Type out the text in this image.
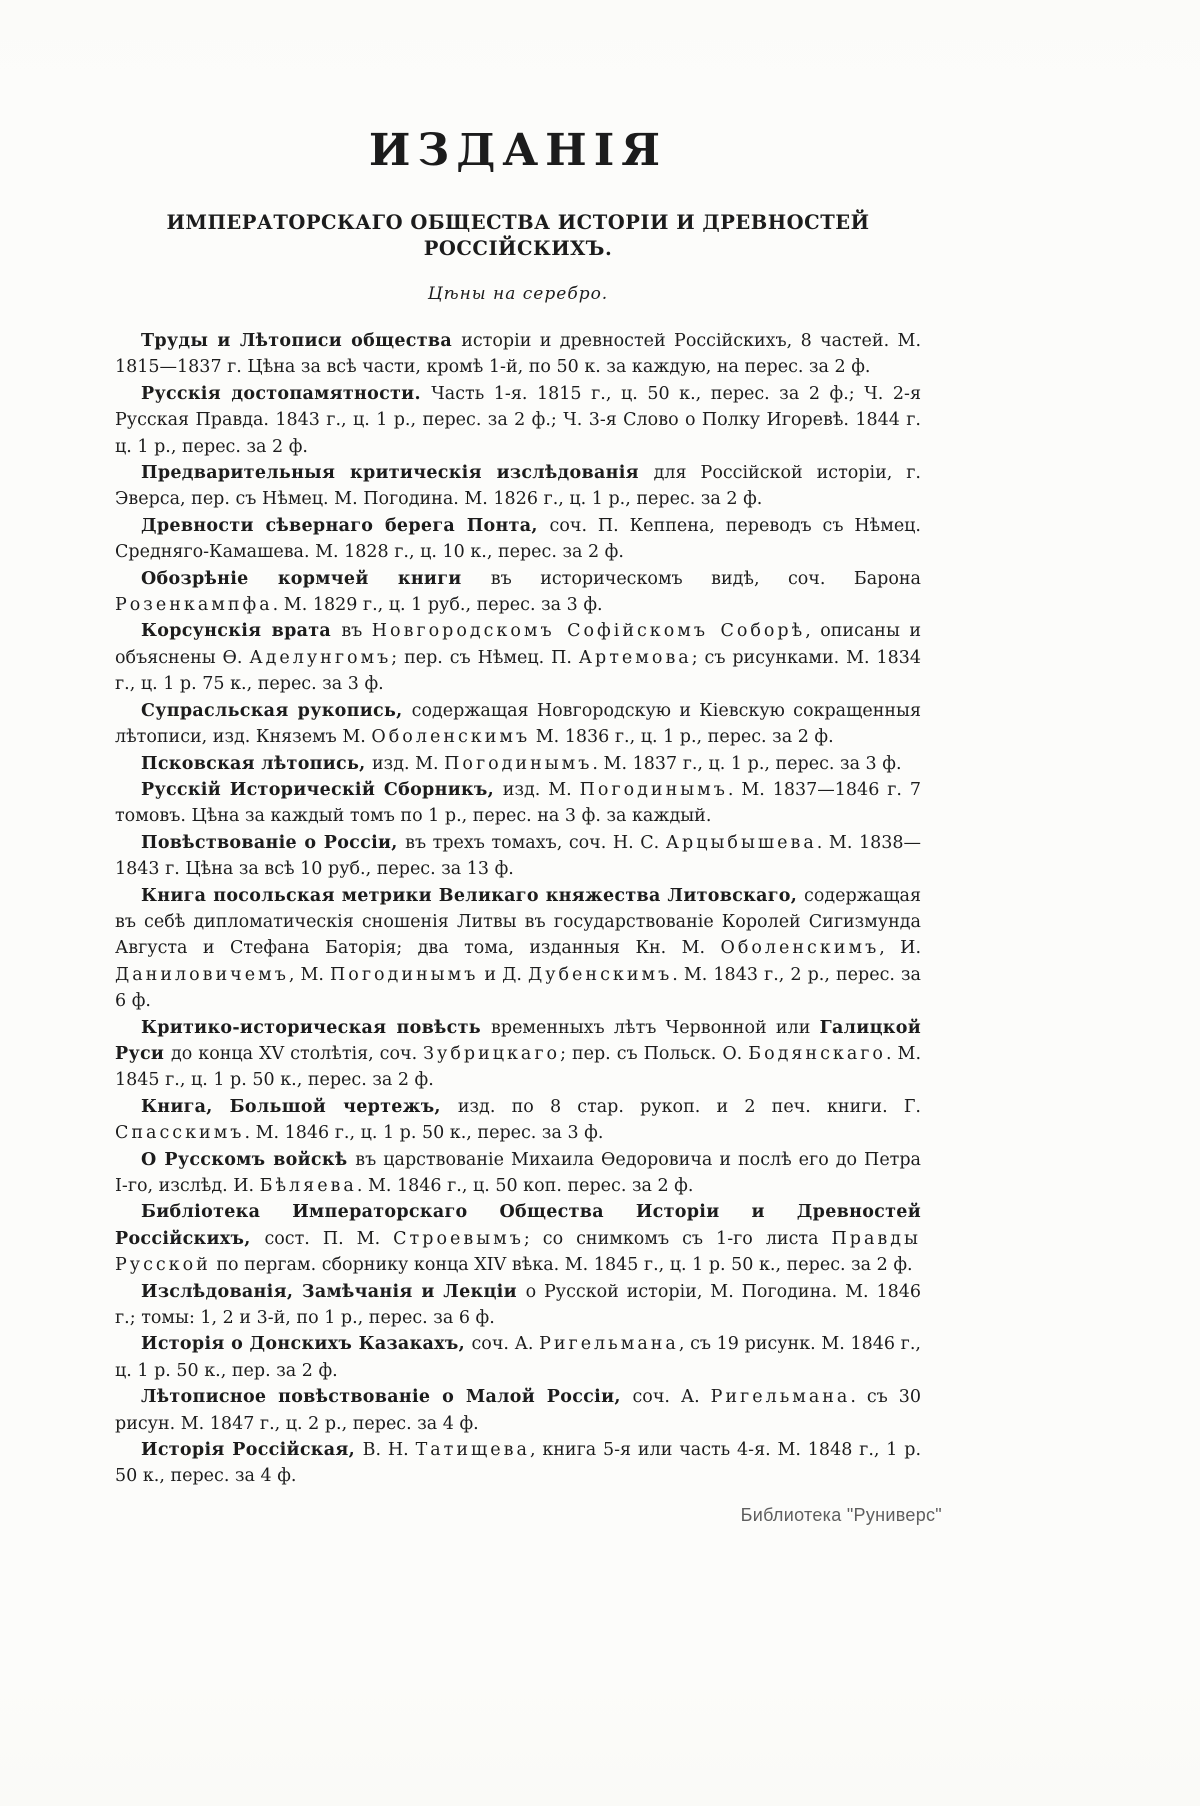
ИЗДАНІЯ
ИМПЕРАТОРСКАГО ОБЩЕСТВА ИСТОРІИ И ДРЕВНОСТЕЙ РОССІЙСКИХЪ.
Цѣны на серебро.

Труды и Лѣтописи общества исторіи и древностей Россійскихъ, 8 частей. М. 1815—1837 г. Цѣна за всѣ части, кромѣ 1-й, по 50 к. за каждую, на перес. за 2 ф.

Русскія достопамятности. Часть 1-я. 1815 г., ц. 50 к., перес. за 2 ф.; Ч. 2-я Русская Правда. 1843 г., ц. 1 р., перес. за 2 ф.; Ч. 3-я Слово о Полку Игоревѣ. 1844 г. ц. 1 р., перес. за 2 ф.

Предварительныя критическія изслѣдованія для Россійской исторіи, г. Эверса, пер. съ Нѣмец. М. Погодина. М. 1826 г., ц. 1 р., перес. за 2 ф.

Древности сѣвернаго берега Понта, соч. П. Кеппена, переводъ съ Нѣмец. Средняго-Камашева. М. 1828 г., ц. 10 к., перес. за 2 ф.

Обозрѣніе кормчей книги въ историческомъ видѣ, соч. Барона Розенкампфа. М. 1829 г., ц. 1 руб., перес. за 3 ф.

Корсунскія врата въ Новгородскомъ Софійскомъ Соборѣ, описаны и объяснены Ѳ. Аделунгомъ; пер. съ Нѣмец. П. Артемова; съ рисунками. М. 1834 г., ц. 1 р. 75 к., перес. за 3 ф.

Супрасльская рукопись, содержащая Новгородскую и Кіевскую сокращенныя лѣтописи, изд. Княземъ М. Оболенскимъ М. 1836 г., ц. 1 р., перес. за 2 ф.

Псковская лѣтопись, изд. М. Погодинымъ. М. 1837 г., ц. 1 р., перес. за 3 ф.

Русскій Историческій Сборникъ, изд. М. Погодинымъ. М. 1837—1846 г. 7 томовъ. Цѣна за каждый томъ по 1 р., перес. на 3 ф. за каждый.

Повѣствованіе о Россіи, въ трехъ томахъ, соч. Н. С. Арцыбышева. М. 1838—1843 г. Цѣна за всѣ 10 руб., перес. за 13 ф.

Книга посольская метрики Великаго княжества Литовскаго, содержащая въ себѣ дипломатическія сношенія Литвы въ государствованіе Королей Сигизмунда Августа и Стефана Баторія; два тома, изданныя Кн. М. Оболенскимъ, И. Даниловичемъ, М. Погодинымъ и Д. Дубенскимъ. М. 1843 г., 2 р., перес. за 6 ф.

Критико-историческая повѣсть временныхъ лѣтъ Червонной или Галицкой Руси до конца XV столѣтія, соч. Зубрицкаго; пер. съ Польск. О. Бодянскаго. М. 1845 г., ц. 1 р. 50 к., перес. за 2 ф.

Книга, Большой чертежъ, изд. по 8 стар. рукоп. и 2 печ. книги. Г. Спасскимъ. М. 1846 г., ц. 1 р. 50 к., перес. за 3 ф.

О Русскомъ войскѣ въ царствованіе Михаила Ѳедоровича и послѣ его до Петра I-го, изслѣд. И. Бѣляева. М. 1846 г., ц. 50 коп. перес. за 2 ф.

Библіотека Императорскаго Общества Исторіи и Древностей Россійскихъ, сост. П. М. Строевымъ; со снимкомъ съ 1-го листа Правды Русской по пергам. сборнику конца XIV вѣка. М. 1845 г., ц. 1 р. 50 к., перес. за 2 ф.

Изслѣдованія, Замѣчанія и Лекціи о Русской исторіи, М. Погодина. М. 1846 г.; томы: 1, 2 и 3-й, по 1 р., перес. за 6 ф.

Исторія о Донскихъ Казакахъ, соч. А. Ригельмана, съ 19 рисунк. М. 1846 г., ц. 1 р. 50 к., пер. за 2 ф.

Лѣтописное повѣствованіе о Малой Россіи, соч. А. Ригельмана. съ 30 рисун. М. 1847 г., ц. 2 р., перес. за 4 ф.

Исторія Россійская, В. Н. Татищева, книга 5-я или часть 4-я. М. 1848 г., 1 р. 50 к., перес. за 4 ф.

Библиотека "Руниверс"
